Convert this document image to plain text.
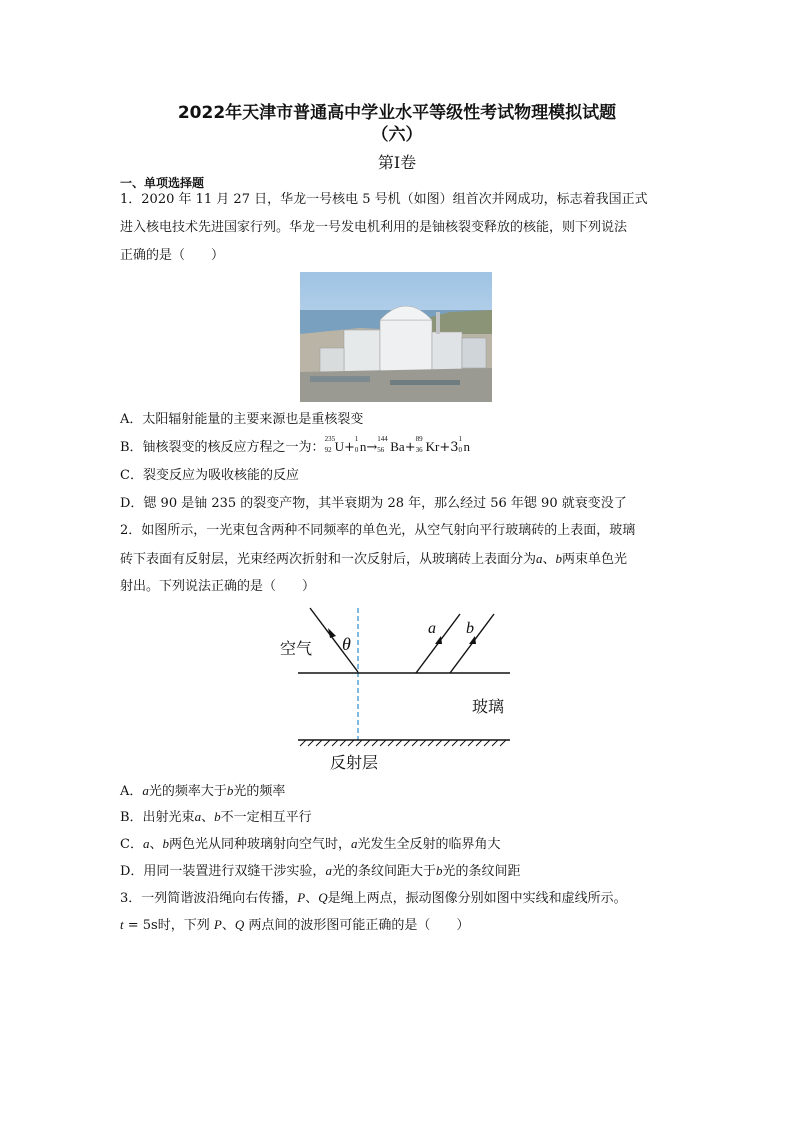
2022年天津市普通高中学业水平等级性考试物理模拟试题
（六）
第Ⅰ卷
一、单项选择题
1．2020 年 11 月 27 日，华龙一号核电 5 号机（如图）组首次并网成功，标志着我国正式
进入核电技术先进国家行列。华龙一号发电机利用的是铀核裂变释放的核能，则下列说法
正确的是（　　）
A．太阳辐射能量的主要来源也是重核裂变
B．铀核裂变的核反应方程之一为：
235
92 U+
1
0 n→
144
56 Ba+
89
36 Kr+3
1
0 n
C．裂变反应为吸收核能的反应
D．锶 90 是铀 235 的裂变产物，其半衰期为 28 年，那么经过 56 年锶 90 就衰变没了
2．如图所示，一光束包含两种不同频率的单色光，从空气射向平行玻璃砖的上表面，玻璃
砖下表面有反射层，光束经两次折射和一次反射后，从玻璃砖上表面分为a、b两束单色光
射出。下列说法正确的是（　　）
空气 θ
a b
玻璃
反射层
A．a光的频率大于b光的频率
B．出射光束a、b不一定相互平行
C．a、b两色光从同种玻璃射向空气时，a光发生全反射的临界角大
D．用同一装置进行双缝干涉实验，a光的条纹间距大于b光的条纹间距
3．一列简谐波沿绳向右传播，P、Q是绳上两点，振动图像分别如图中实线和虚线所示。
t = 5s时，下列 P、Q 两点间的波形图可能正确的是（　　）
